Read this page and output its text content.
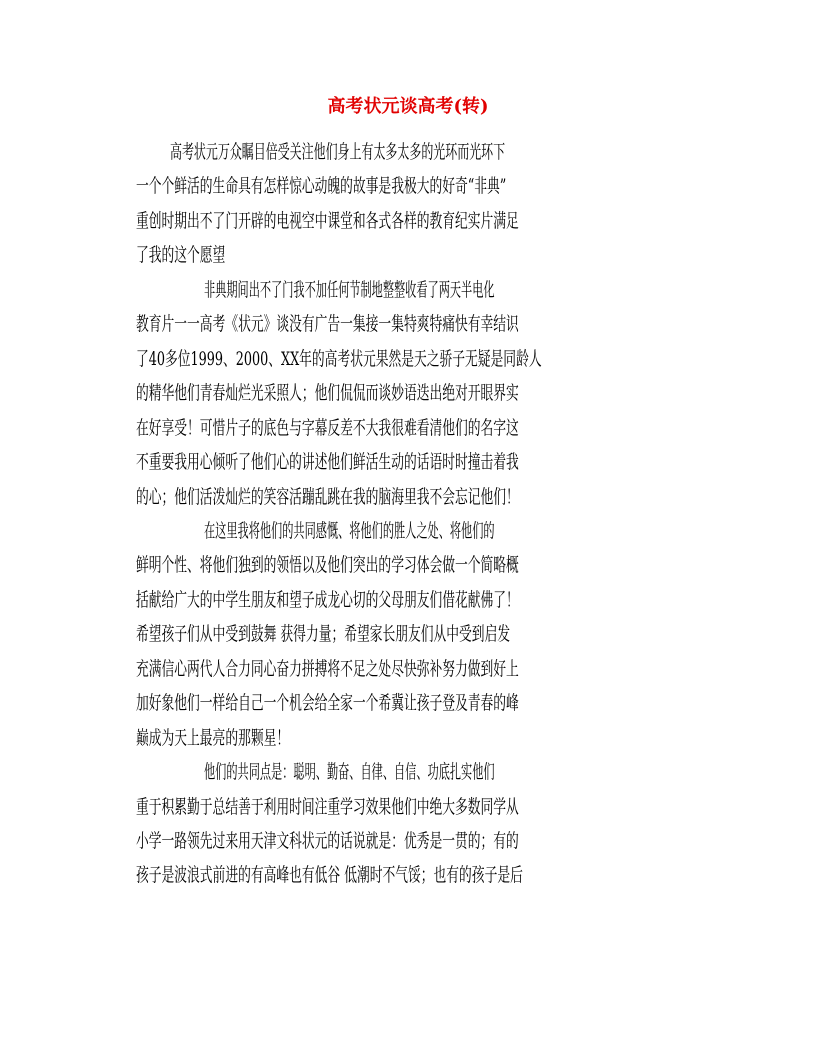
高考状元谈高考(转)
高考状元万众瞩目倍受关注他们身上有太多太多的光环而光环下
一个个鲜活的生命具有怎样惊心动魄的故事是我极大的好奇“非典”
重创时期出不了门开辟的电视空中课堂和各式各样的教育纪实片满足
了我的这个愿望
非典期间出不了门我不加任何节制地整整收看了两天半电化
教育片一一高考《状元》谈没有广告一集接一集特爽特痛快有幸结识
了40多位1999、2000、XX年的高考状元果然是天之骄子无疑是同龄人
的精华他们青春灿烂光采照人；他们侃侃而谈妙语迭出绝对开眼界实
在好享受！可惜片子的底色与字幕反差不大我很难看清他们的名字这
不重要我用心倾听了他们心的讲述他们鲜活生动的话语时时撞击着我
的心；他们活泼灿烂的笑容活蹦乱跳在我的脑海里我不会忘记他们！
在这里我将他们的共同感慨、将他们的胜人之处、将他们的
鲜明个性、将他们独到的领悟以及他们突出的学习体会做一个简略概
括献给广大的中学生朋友和望子成龙心切的父母朋友们借花献佛了！
希望孩子们从中受到鼓舞 获得力量；希望家长朋友们从中受到启发
充满信心两代人合力同心奋力拼搏将不足之处尽快弥补努力做到好上
加好象他们一样给自己一个机会给全家一个希冀让孩子登及青春的峰
巅成为天上最亮的那颗星！
他们的共同点是：聪明、勤奋、自律、自信、功底扎实他们
重于积累勤于总结善于利用时间注重学习效果他们中绝大多数同学从
小学一路领先过来用天津文科状元的话说就是：优秀是一贯的；有的
孩子是波浪式前进的有高峰也有低谷 低潮时不气馁；也有的孩子是后
